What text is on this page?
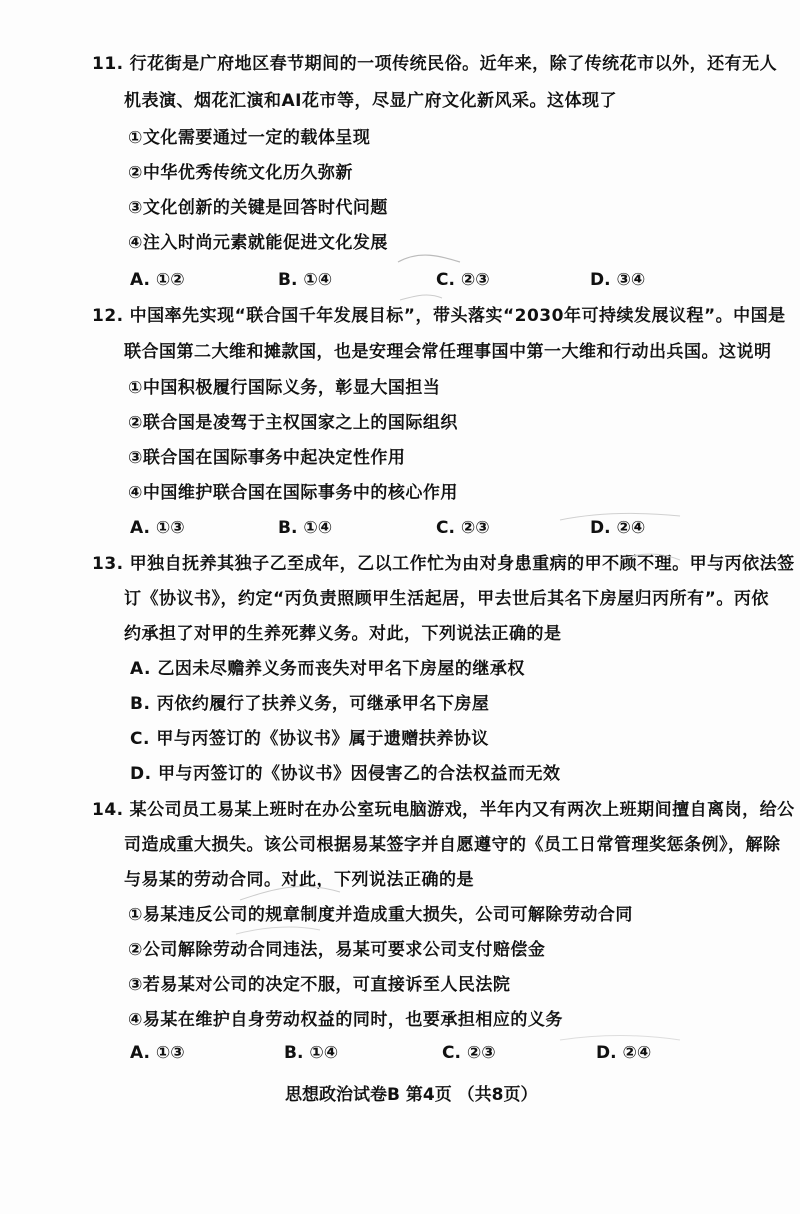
11. 行花街是广府地区春节期间的一项传统民俗。近年来，除了传统花市以外，还有无人
机表演、烟花汇演和AI花市等，尽显广府文化新风采。这体现了
①文化需要通过一定的载体呈现
②中华优秀传统文化历久弥新
③文化创新的关键是回答时代问题
④注入时尚元素就能促进文化发展
A. ①②	B. ①④	C. ②③	D. ③④
12. 中国率先实现“联合国千年发展目标”，带头落实“2030年可持续发展议程”。中国是
联合国第二大维和摊款国，也是安理会常任理事国中第一大维和行动出兵国。这说明
①中国积极履行国际义务，彰显大国担当
②联合国是凌驾于主权国家之上的国际组织
③联合国在国际事务中起决定性作用
④中国维护联合国在国际事务中的核心作用
A. ①③	B. ①④	C. ②③	D. ②④
13. 甲独自抚养其独子乙至成年，乙以工作忙为由对身患重病的甲不顾不理。甲与丙依法签
订《协议书》，约定“丙负责照顾甲生活起居，甲去世后其名下房屋归丙所有”。丙依
约承担了对甲的生养死葬义务。对此，下列说法正确的是
A. 乙因未尽赡养义务而丧失对甲名下房屋的继承权
B. 丙依约履行了扶养义务，可继承甲名下房屋
C. 甲与丙签订的《协议书》属于遗赠扶养协议
D. 甲与丙签订的《协议书》因侵害乙的合法权益而无效
14. 某公司员工易某上班时在办公室玩电脑游戏，半年内又有两次上班期间擅自离岗，给公
司造成重大损失。该公司根据易某签字并自愿遵守的《员工日常管理奖惩条例》，解除
与易某的劳动合同。对此，下列说法正确的是
①易某违反公司的规章制度并造成重大损失，公司可解除劳动合同
②公司解除劳动合同违法，易某可要求公司支付赔偿金
③若易某对公司的决定不服，可直接诉至人民法院
④易某在维护自身劳动权益的同时，也要承担相应的义务
A. ①③	B. ①④	C. ②③	D. ②④
思想政治试卷B 第4页 （共8页）
